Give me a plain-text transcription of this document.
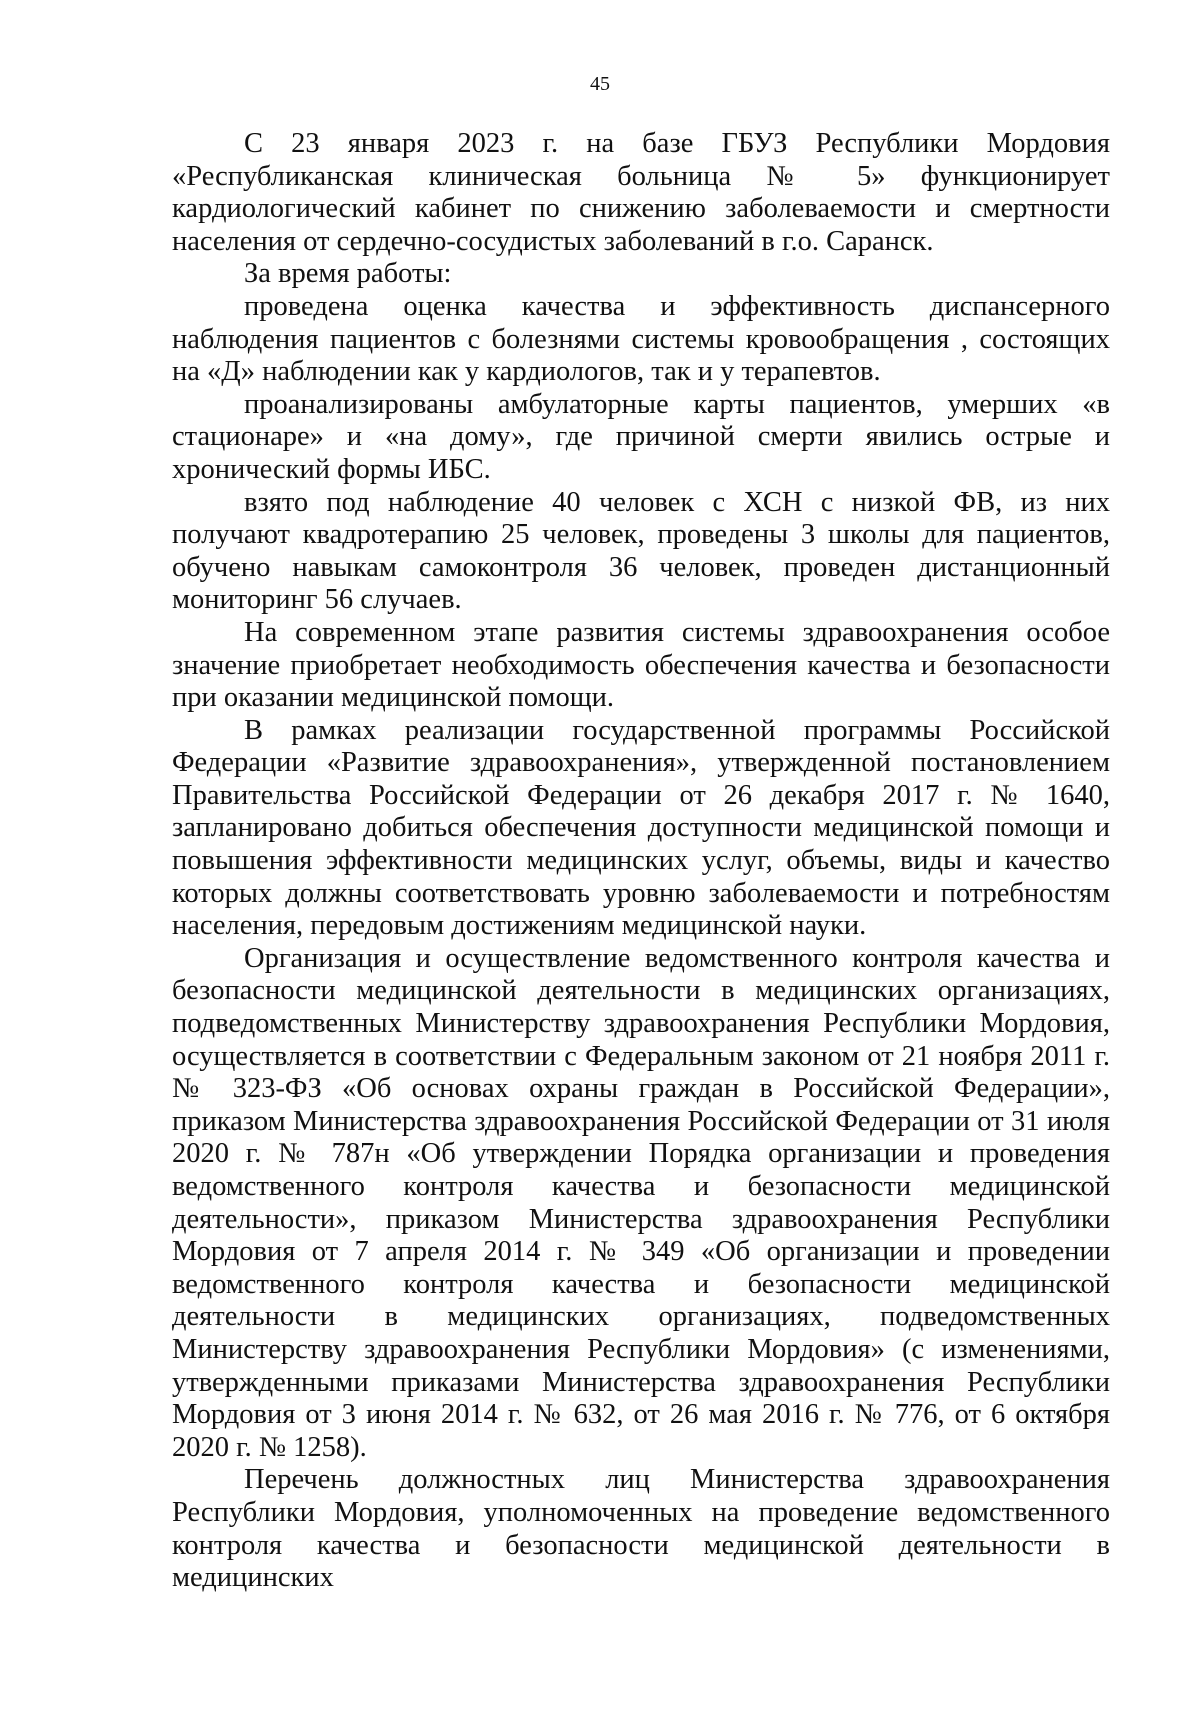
45

С 23 января 2023 г. на базе ГБУЗ Республики Мордовия «Республиканская клиническая больница № 5» функционирует кардиологический кабинет по снижению заболеваемости и смертности населения от сердечно-сосудистых заболеваний в г.о. Саранск.

За время работы:

проведена оценка качества и эффективность диспансерного наблюдения пациентов с болезнями системы кровообращения , состоящих на «Д» наблюдении как у кардиологов, так и у терапевтов.

проанализированы амбулаторные карты пациентов, умерших «в стационаре» и «на дому», где причиной смерти явились острые и хронический формы ИБС.

взято под наблюдение 40 человек с ХСН с низкой ФВ, из них получают квадротерапию 25 человек, проведены 3 школы для пациентов, обучено навыкам самоконтроля 36 человек, проведен дистанционный мониторинг 56 случаев.

На современном этапе развития системы здравоохранения особое значение приобретает необходимость обеспечения качества и безопасности при оказании медицинской помощи.

В рамках реализации государственной программы Российской Федерации «Развитие здравоохранения», утвержденной постановлением Правительства Российской Федерации от 26 декабря 2017 г. № 1640, запланировано добиться обеспечения доступности медицинской помощи и повышения эффективности медицинских услуг, объемы, виды и качество которых должны соответствовать уровню заболеваемости и потребностям населения, передовым достижениям медицинской науки.

Организация и осуществление ведомственного контроля качества и безопасности медицинской деятельности в медицинских организациях, подведомственных Министерству здравоохранения Республики Мордовия, осуществляется в соответствии с Федеральным законом от 21 ноября 2011 г. № 323-ФЗ «Об основах охраны граждан в Российской Федерации», приказом Министерства здравоохранения Российской Федерации от 31 июля 2020 г. № 787н «Об утверждении Порядка организации и проведения ведомственного контроля качества и безопасности медицинской деятельности», приказом Министерства здравоохранения Республики Мордовия от 7 апреля 2014 г. № 349 «Об организации и проведении ведомственного контроля качества и безопасности медицинской деятельности в медицинских организациях, подведомственных Министерству здравоохранения Республики Мордовия» (с изменениями, утвержденными приказами Министерства здравоохранения Республики Мордовия от 3 июня 2014 г. № 632, от 26 мая 2016 г. № 776, от 6 октября 2020 г. № 1258).

Перечень должностных лиц Министерства здравоохранения Республики Мордовия, уполномоченных на проведение ведомственного контроля качества и безопасности медицинской деятельности в медицинских
